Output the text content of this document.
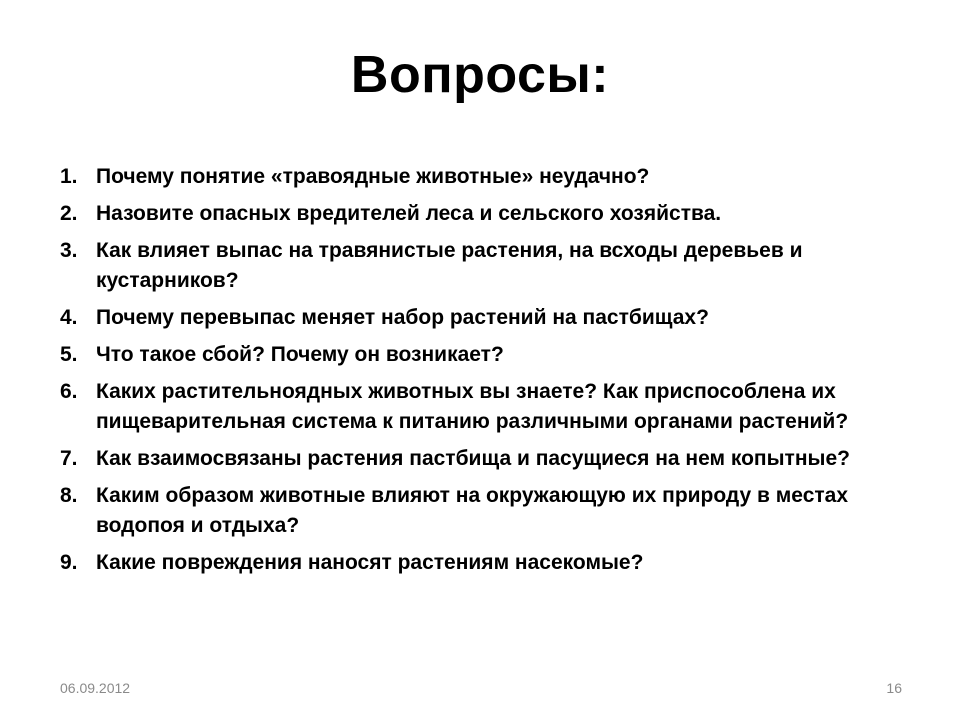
Вопросы:
1. Почему понятие «травоядные животные» неудачно?
2. Назовите опасных вредителей леса и сельского хозяйства.
3. Как влияет выпас на травянистые растения, на всходы деревьев и кустарников?
4. Почему перевыпас меняет набор растений на пастбищах?
5. Что такое сбой? Почему он возникает?
6. Каких растительноядных животных вы знаете? Как приспособлена их пищеварительная система к питанию различными органами растений?
7. Как взаимосвязаны растения пастбища и пасущиеся на нем копытные?
8. Каким образом животные влияют на окружающую их природу в местах водопоя и отдыха?
9. Какие повреждения наносят растениям насекомые?
06.09.2012	16
